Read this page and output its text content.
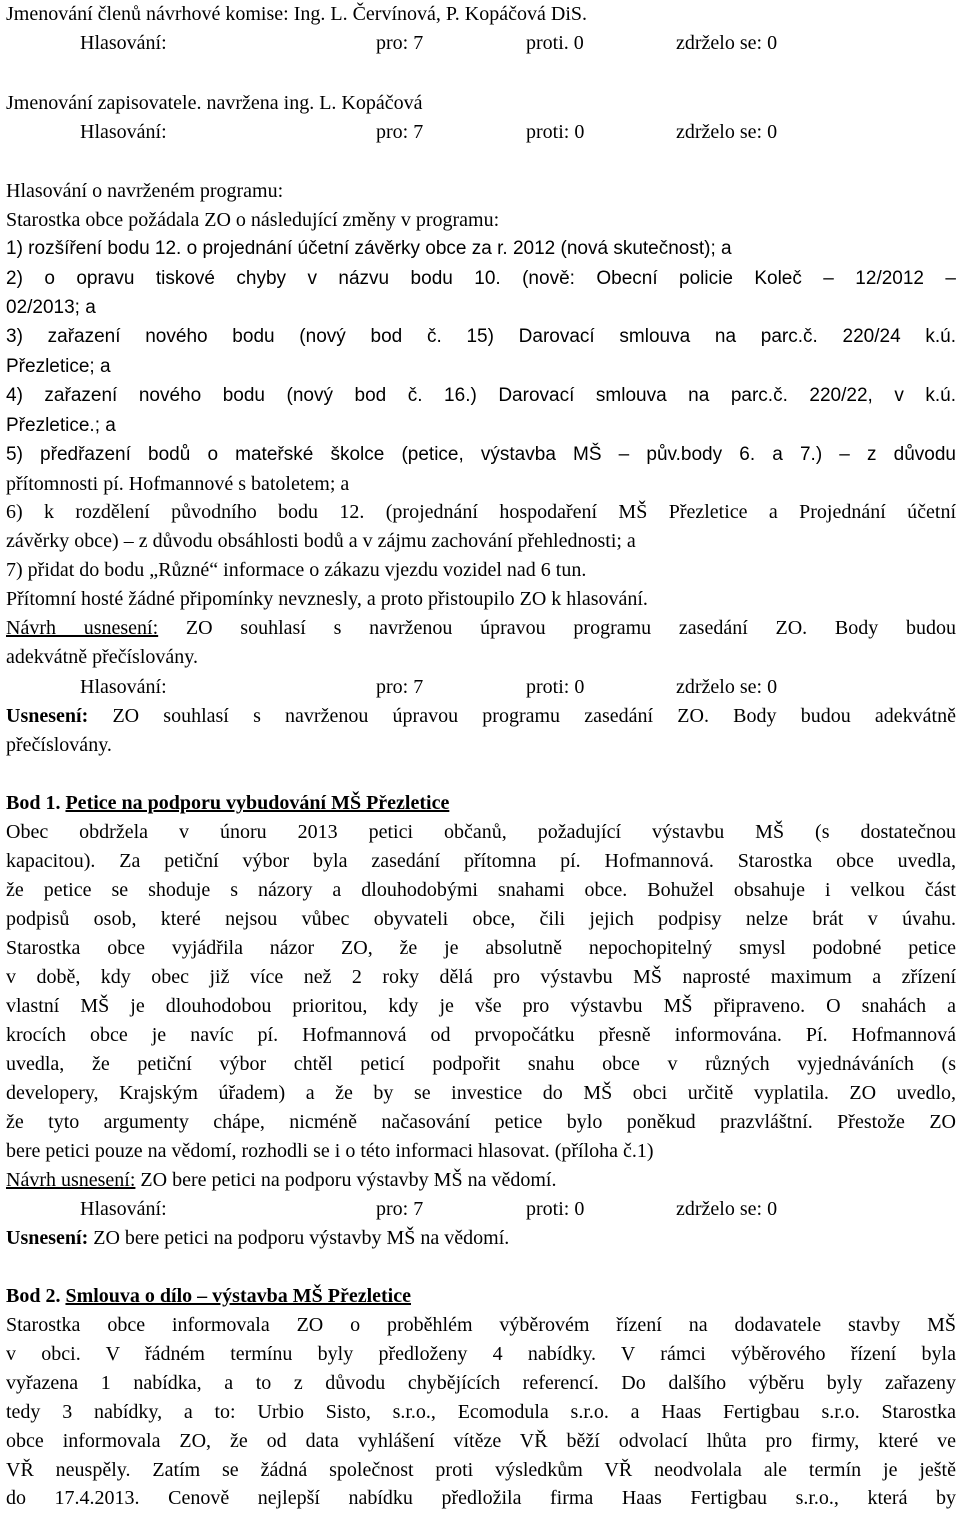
Jmenování členů návrhové komise: Ing. L. Červínová, P. Kopáčová DiS.
Hlasování:	pro: 7	proti. 0	zdrželo se: 0
Jmenování zapisovatele. navržena ing. L. Kopáčová
Hlasování:	pro: 7	proti: 0	zdrželo se: 0
Hlasování o navrženém programu:
Starostka obce požádala ZO o následující změny v programu:
1) rozšíření bodu 12. o projednání účetní závěrky obce za r. 2012 (nová skutečnost); a
2) o opravu tiskové chyby v názvu bodu 10. (nově: Obecní policie Koleč – 12/2012 –
02/2013; a
3) zařazení nového bodu (nový bod č. 15) Darovací smlouva na parc.č. 220/24 k.ú.
Přezletice; a
4) zařazení nového bodu (nový bod č. 16.) Darovací smlouva na parc.č. 220/22, v k.ú.
Přezletice.; a
5) předřazení bodů o mateřské školce (petice, výstavba MŠ – pův.body 6. a 7.) – z důvodu
přítomnosti pí. Hofmannové s batoletem; a
6) k rozdělení původního bodu 12. (projednání hospodaření MŠ Přezletice a Projednání účetní
závěrky obce) – z důvodu obsáhlosti bodů a v zájmu zachování přehlednosti; a
7) přidat do bodu „Různé“ informace o zákazu vjezdu vozidel nad 6 tun.
Přítomní hosté žádné připomínky nevznesly, a proto přistoupilo ZO k hlasování.
Návrh usnesení: ZO souhlasí s navrženou úpravou programu zasedání ZO. Body budou
adekvátně přečíslovány.
Hlasování:	pro: 7	proti: 0	zdrželo se: 0
Usnesení: ZO souhlasí s navrženou úpravou programu zasedání ZO. Body budou adekvátně
přečíslovány.
Bod 1. Petice na podporu vybudování MŠ Přezletice
Obec obdržela v únoru 2013 petici občanů, požadující výstavbu MŠ (s dostatečnou
kapacitou). Za petiční výbor byla zasedání přítomna pí. Hofmannová. Starostka obce uvedla,
že petice se shoduje s názory a dlouhodobými snahami obce. Bohužel obsahuje i velkou část
podpisů osob, které nejsou vůbec obyvateli obce, čili jejich podpisy nelze brát v úvahu.
Starostka obce vyjádřila názor ZO, že je absolutně nepochopitelný smysl podobné petice
v době, kdy obec již více než 2 roky dělá pro výstavbu MŠ naprosté maximum a zřízení
vlastní MŠ je dlouhodobou prioritou, kdy je vše pro výstavbu MŠ připraveno. O snahách a
krocích obce je navíc pí. Hofmannová od prvopočátku přesně informována. Pí. Hofmannová
uvedla, že petiční výbor chtěl peticí podpořit snahu obce v různých vyjednáváních (s
developery, Krajským úřadem) a že by se investice do MŠ obci určitě vyplatila. ZO uvedlo,
že tyto argumenty chápe, nicméně načasování petice bylo poněkud prazvláštní. Přestože ZO
bere petici pouze na vědomí, rozhodli se i o této informaci hlasovat. (příloha č.1)
Návrh usnesení: ZO bere petici na podporu výstavby MŠ na vědomí.
Hlasování:	pro: 7	proti: 0	zdrželo se: 0
Usnesení: ZO bere petici na podporu výstavby MŠ na vědomí.
Bod 2. Smlouva o dílo – výstavba MŠ Přezletice
Starostka obce informovala ZO o proběhlém výběrovém řízení na dodavatele stavby MŠ
v obci. V řádném termínu byly předloženy 4 nabídky. V rámci výběrového řízení byla
vyřazena 1 nabídka, a to z důvodu chybějících referencí. Do dalšího výběru byly zařazeny
tedy 3 nabídky, a to: Urbio Sisto, s.r.o., Ecomodula s.r.o. a Haas Fertigbau s.r.o. Starostka
obce informovala ZO, že od data vyhlášení vítěze VŘ běží odvolací lhůta pro firmy, které ve
VŘ neuspěly. Zatím se žádná společnost proti výsledkům VŘ neodvolala ale termín je ještě
do 17.4.2013. Cenově nejlepší nabídku předložila firma Haas Fertigbau s.r.o., která by
